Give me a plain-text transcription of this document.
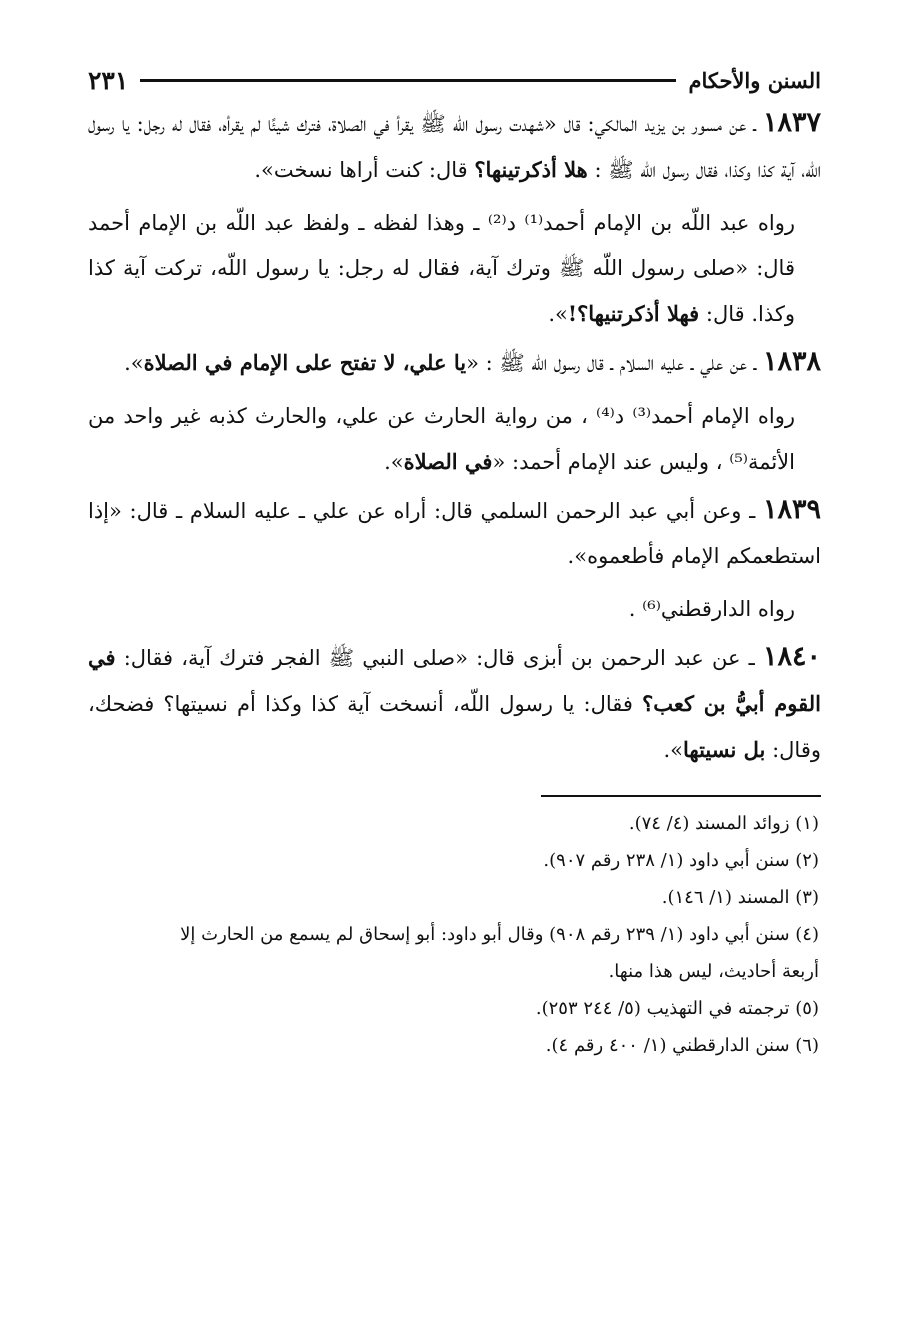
السنن والأحكام
٢٣١

١٨٣٧ ـ عن مسور بن يزيد المالكي: قال «شهدت رسول اللّه ﷺ يقرأ في الصلاة، فترك شيئًا لم يقرأه، فقال له رجل: يا رسول اللّه، آية كذا وكذا، فقال رسول اللّه ﷺ : هلا أذكرتينها؟ قال: كنت أراها نسخت».

رواه عبد اللّه بن الإمام أحمد⁽¹⁾ د⁽²⁾ ـ وهذا لفظه ـ ولفظ عبد اللّه بن الإمام أحمد قال: «صلى رسول اللّه ﷺ وترك آية، فقال له رجل: يا رسول اللّه، تركت آية كذا وكذا. قال: فهلا أذكرتنيها؟!».

١٨٣٨ ـ عن علي ـ عليه السلام ـ قال رسول اللّه ﷺ : «يا علي، لا تفتح على الإمام في الصلاة».

رواه الإمام أحمد⁽³⁾ د⁽⁴⁾ ، من رواية الحارث عن علي، والحارث كذبه غير واحد من الأئمة⁽⁵⁾ ، وليس عند الإمام أحمد: «في الصلاة».

١٨٣٩ ـ وعن أبي عبد الرحمن السلمي قال: أراه عن علي ـ عليه السلام ـ قال: «إذا استطعمكم الإمام فأطعموه».

رواه الدارقطني⁽⁶⁾ .

١٨٤٠ ـ عن عبد الرحمن بن أبزى قال: «صلى النبي ﷺ الفجر فترك آية، فقال: في القوم أبيُّ بن كعب؟ فقال: يا رسول اللّه، أنسخت آية كذا وكذا أم نسيتها؟ فضحك، وقال: بل نسيتها».

(١) زوائد المسند (٤/ ٧٤).

(٢) سنن أبي داود (١/ ٢٣٨ رقم ٩٠٧).

(٣) المسند (١/ ١٤٦).

(٤) سنن أبي داود (١/ ٢٣٩ رقم ٩٠٨) وقال أبو داود: أبو إسحاق لم يسمع من الحارث إلا

أربعة أحاديث، ليس هذا منها.

(٥) ترجمته في التهذيب (٥/ ٢٤٤ ٢٥٣).

(٦) سنن الدارقطني (١/ ٤٠٠ رقم ٤).
